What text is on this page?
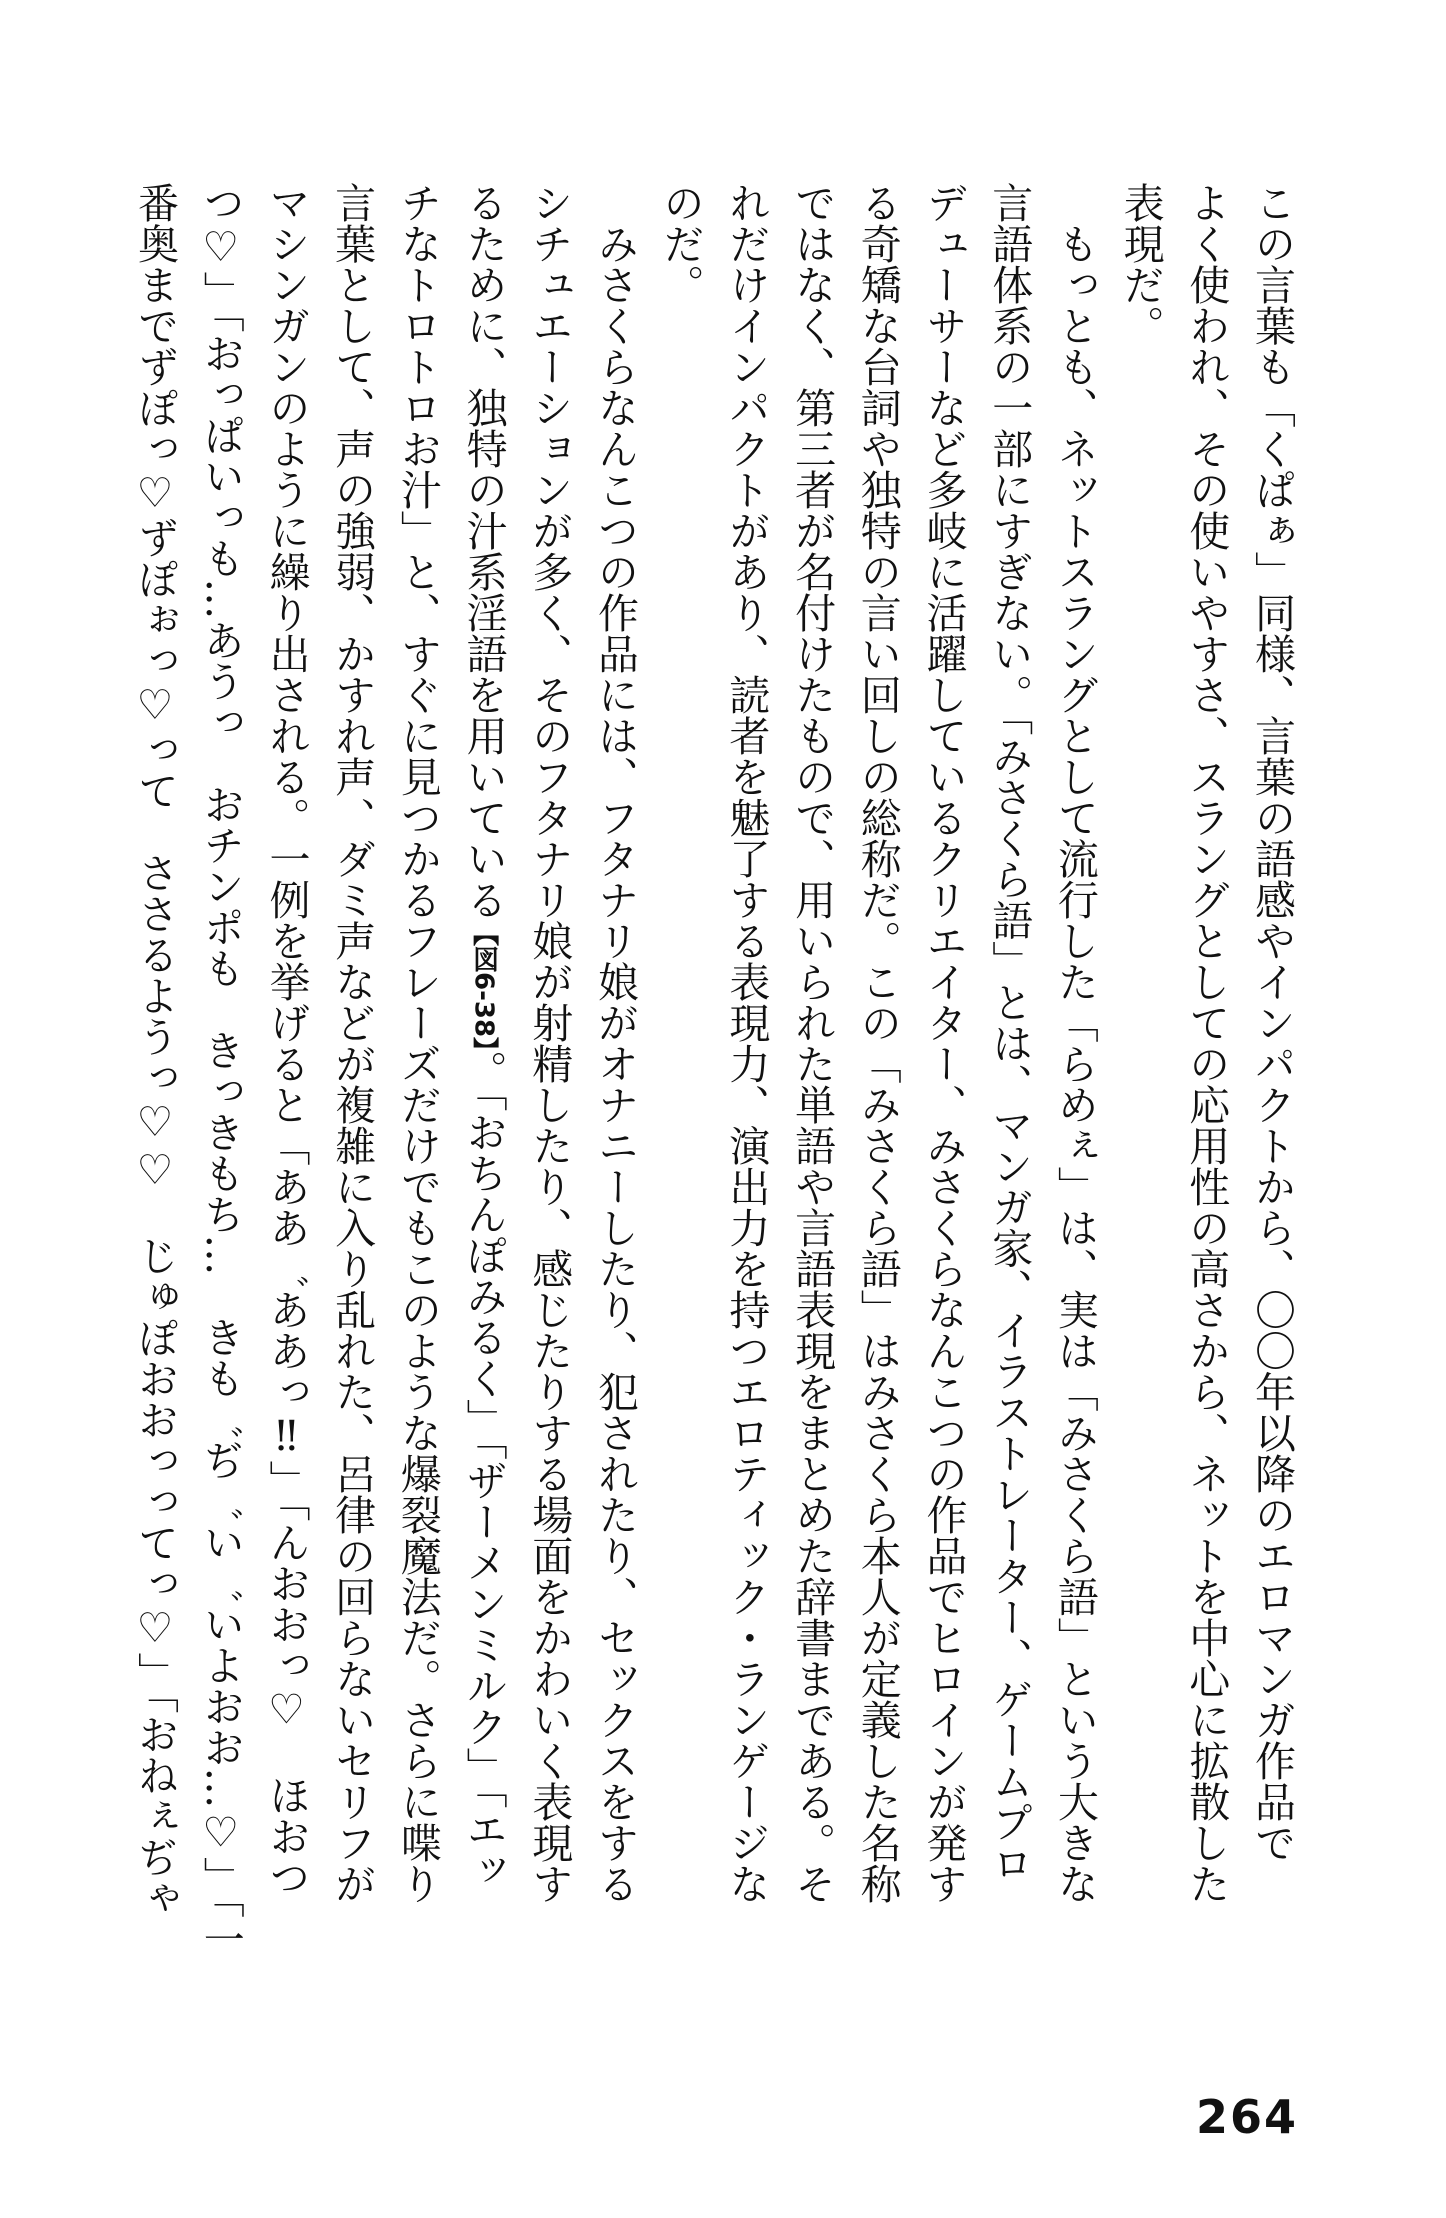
この言葉も「くぱぁ」同様、言葉の語感やインパクトから、〇〇年以降のエロマンガ作品で
よく使われ、その使いやすさ、スラングとしての応用性の高さから、ネットを中心に拡散した
表現だ。
もっとも、ネットスラングとして流行した「らめぇ」は、実は「みさくら語」という大きな
言語体系の一部にすぎない。「みさくら語」とは、マンガ家、イラストレーター、ゲームプロ
デューサーなど多岐に活躍しているクリエイター、みさくらなんこつの作品でヒロインが発す
る奇矯な台詞や独特の言い回しの総称だ。この「みさくら語」はみさくら本人が定義した名称
ではなく、第三者が名付けたもので、用いられた単語や言語表現をまとめた辞書まである。そ
れだけインパクトがあり、読者を魅了する表現力、演出力を持つエロティック・ランゲージな
のだ。
みさくらなんこつの作品には、フタナリ娘がオナニーしたり、犯されたり、セックスをする
シチュエーションが多く、そのフタナリ娘が射精したり、感じたりする場面をかわいく表現す
るために、独特の汁系淫語を用いている【図6-38】。「おちんぽみるく」「ザーメンミルク」「エッ
チなトロトロお汁」と、すぐに見つかるフレーズだけでもこのような爆裂魔法だ。さらに喋り
言葉として、声の強弱、かすれ声、ダミ声などが複雑に入り乱れた、呂律の回らないセリフが
マシンガンのように繰り出される。一例を挙げると「ああ゛ああっ‼」「んおおっ♡　ほおつ
つ♡」「おっぱいっも…あうっ　おチンポも　きっきもち…　きも゛ぢ゛い゛いよおお…♡」「一
番奥までずぽっ♡ずぽぉっ♡って　ささるようっ♡♡　じゅぽおおっってっ♡」「おねぇぢゃ
264
